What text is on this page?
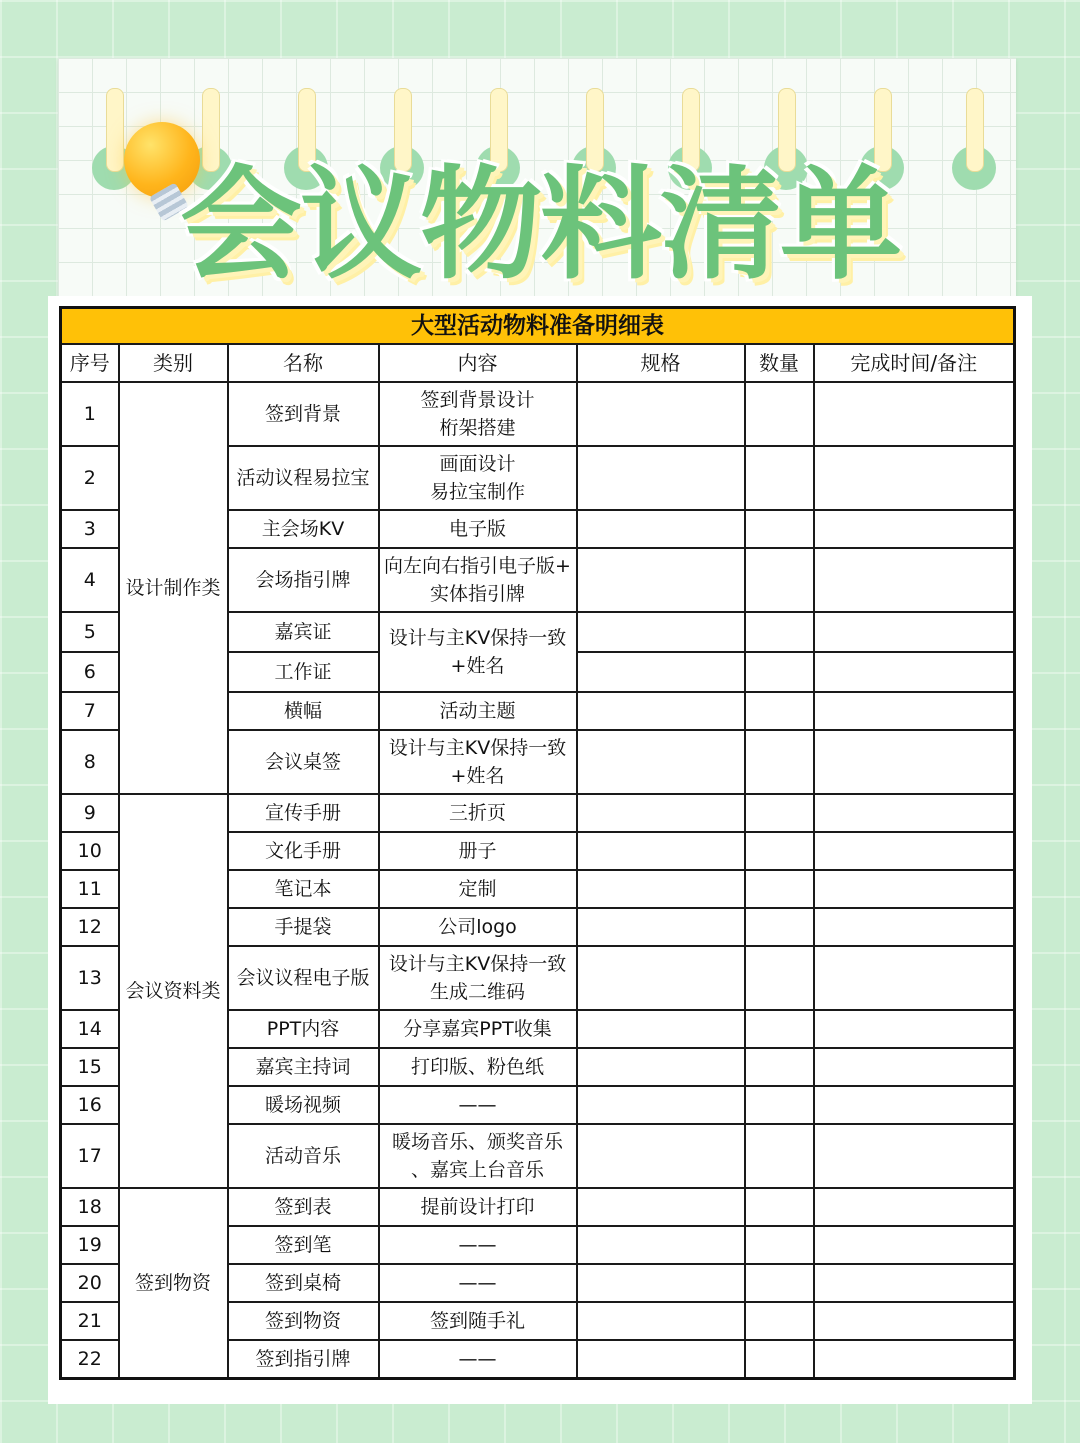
会议物料清单
大型活动物料准备明细表						
序号	类别	名称	内容	规格	数量	完成时间/备注
1	设计制作类	签到背景	签到背景设计
桁架搭建			

2		活动议程易拉宝	画面设计
易拉宝制作			

3		主会场KV	电子版			
4		会场指引牌	向左向右指引电子版+
实体指引牌			

5		嘉宾证	设计与主KV保持一致
+姓名			

6		工作证				
7		横幅	活动主题			
8		会议桌签	设计与主KV保持一致
+姓名			

9	会议资料类	宣传手册	三折页			
10		文化手册	册子			
11		笔记本	定制			
12		手提袋	公司logo			
13		会议议程电子版	设计与主KV保持一致
生成二维码			

14		PPT内容	分享嘉宾PPT收集			
15		嘉宾主持词	打印版、粉色纸			
16		暖场视频	——			
17		活动音乐	暖场音乐、颁奖音乐
、嘉宾上台音乐			

18	签到物资	签到表	提前设计打印			
19		签到笔	——			
20		签到桌椅	——			
21		签到物资	签到随手礼			
22		签到指引牌	——			
